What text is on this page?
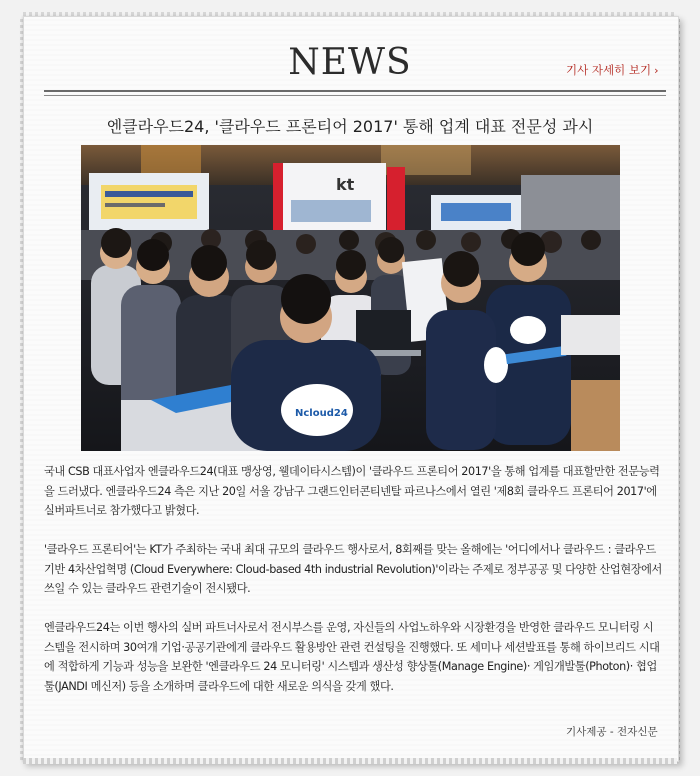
NEWS	기사 자세히 보기 ›
엔클라우드24, '클라우드 프론티어 2017' 통해 업계 대표 전문성 과시
kt
Ncloud24

국내 CSB 대표사업자 엔클라우드24(대표 맹상영, 웰데이타시스템)이 '클라우드 프론티어 2017'을 통해 업계를 대표할만한 전문능력을 드러냈다. 엔클라우드24 측은 지난 20일 서울 강남구 그랜드인터콘티넨탈 파르나스에서 열린 '제8회 클라우드 프론티어 2017'에 실버파트너로 참가했다고 밝혔다.

'클라우드 프론티어'는 KT가 주최하는 국내 최대 규모의 클라우드 행사로서, 8회째를 맞는 올해에는 '어디에서나 클라우드 : 클라우드 기반 4차산업혁명 (Cloud Everywhere: Cloud-based 4th industrial Revolution)'이라는 주제로 정부공공 및 다양한 산업현장에서 쓰일 수 있는 클라우드 관련기술이 전시됐다.

엔클라우드24는 이번 행사의 실버 파트너사로서 전시부스를 운영, 자신들의 사업노하우와 시장환경을 반영한 클라우드 모니터링 시스템을 전시하며 30여개 기업·공공기관에게 클라우드 활용방안 관련 컨설팅을 진행했다. 또 세미나 세션발표를 통해 하이브리드 시대에 적합하게 기능과 성능을 보완한 '엔클라우드 24 모니터링' 시스템과 생산성 향상툴(Manage Engine)· 게임개발툴(Photon)· 협업툴(JANDI 메신저) 등을 소개하며 클라우드에 대한 새로운 의식을 갖게 했다.

기사제공 - 전자신문
